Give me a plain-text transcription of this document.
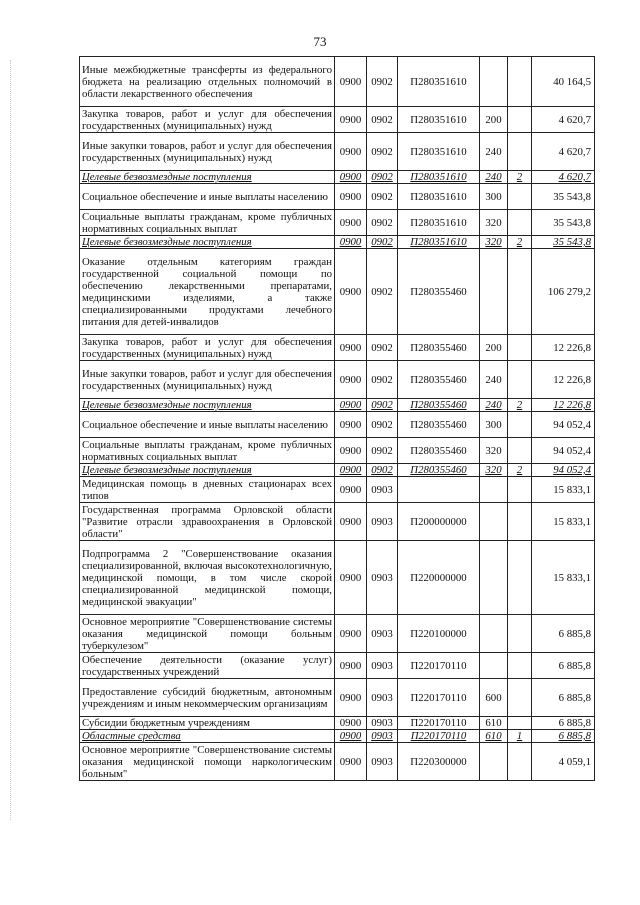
73
Иные межбюджетные трансферты из федерального бюджета на реализацию отдельных полномочий в области лекарственного обеспечения	0900	0902	П280351610			40 164,5
Закупка товаров, работ и услуг для обеспечения государственных (муниципальных) нужд	0900	0902	П280351610	200		4 620,7
Иные закупки товаров, работ и услуг для обеспечения государственных (муниципальных) нужд	0900	0902	П280351610	240		4 620,7
Целевые безвозмездные поступления	0900	0902	П280351610	240	2	4 620,7
Социальное обеспечение и иные выплаты населению	0900	0902	П280351610	300		35 543,8
Социальные выплаты гражданам, кроме публичных нормативных социальных выплат	0900	0902	П280351610	320		35 543,8
Целевые безвозмездные поступления	0900	0902	П280351610	320	2	35 543,8
Оказание отдельным категориям граждан государственной социальной помощи по обеспечению лекарственными препаратами, медицинскими изделиями, а также специализированными продуктами лечебного питания для детей-инвалидов	0900	0902	П280355460			106 279,2
Закупка товаров, работ и услуг для обеспечения государственных (муниципальных) нужд	0900	0902	П280355460	200		12 226,8
Иные закупки товаров, работ и услуг для обеспечения государственных (муниципальных) нужд	0900	0902	П280355460	240		12 226,8
Целевые безвозмездные поступления	0900	0902	П280355460	240	2	12 226,8
Социальное обеспечение и иные выплаты населению	0900	0902	П280355460	300		94 052,4
Социальные выплаты гражданам, кроме публичных нормативных социальных выплат	0900	0902	П280355460	320		94 052,4
Целевые безвозмездные поступления	0900	0902	П280355460	320	2	94 052,4
Медицинская помощь в дневных стационарах всех типов	0900	0903				15 833,1
Государственная программа Орловской области "Развитие отрасли здравоохранения в Орловской области"	0900	0903	П200000000			15 833,1
Подпрограмма 2 "Совершенствование оказания специализированной, включая высокотехнологичную, медицинской помощи, в том числе скорой специализированной медицинской помощи, медицинской эвакуации"	0900	0903	П220000000			15 833,1
Основное мероприятие "Совершенствование системы оказания медицинской помощи больным туберкулезом"	0900	0903	П220100000			6 885,8
Обеспечение деятельности (оказание услуг) государственных учреждений	0900	0903	П220170110			6 885,8
Предоставление субсидий бюджетным, автономным учреждениям и иным некоммерческим организациям	0900	0903	П220170110	600		6 885,8
Субсидии бюджетным учреждениям	0900	0903	П220170110	610		6 885,8
Областные средства	0900	0903	П220170110	610	1	6 885,8
Основное мероприятие "Совершенствование системы оказания медицинской помощи наркологическим больным"	0900	0903	П220300000			4 059,1
